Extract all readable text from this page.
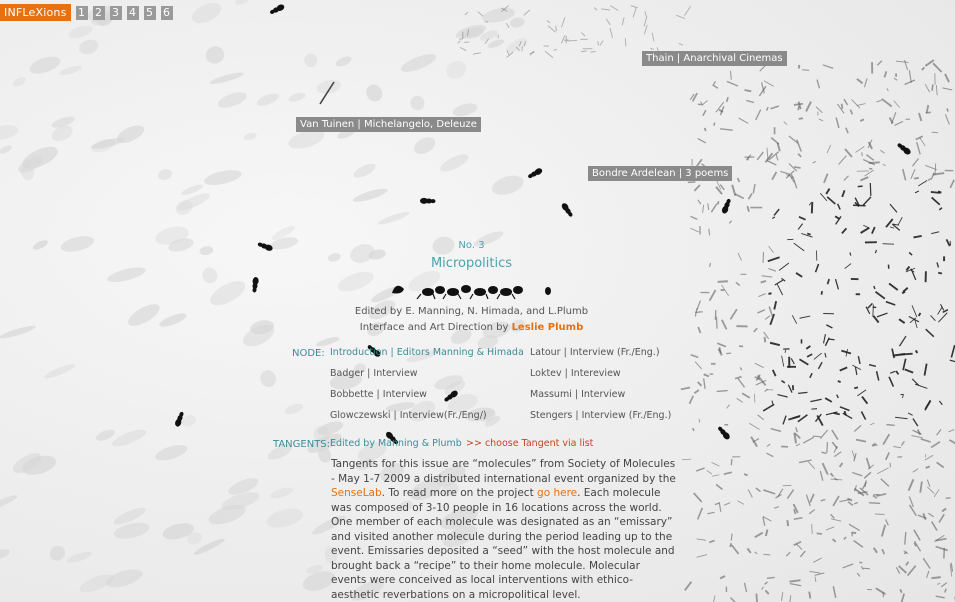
INFLeXions	1 2 3 4 5 6
Thain | Anarchival Cinemas
Van Tuinen | Michelangelo, Deleuze
Bondre Ardelean | 3 poems
No. 3
Micropolitics
Edited by E. Manning, N. Himada, and L.Plumb
Interface and Art Direction by Leslie Plumb
NODE: Introduction | Editors Manning & Himada
Badger | Interview
Bobbette | Interview
Glowczewski | Interview(Fr./Eng/)
Latour | Interview (Fr./Eng.)
Loktev | Intereview
Massumi | Interview
Stengers | Interview (Fr./Eng.)
TANGENTS: Edited by Manning & Plumb >> choose Tangent via list
Tangents for this issue are “molecules” from Society of Molecules - May 1-7 2009 a distributed international event organized by the SenseLab. To read more on the project go here. Each molecule was composed of 3-10 people in 16 locations across the world. One member of each molecule was designated as an “emissary” and visited another molecule during the period leading up to the event. Emissaries deposited a “seed” with the host molecule and brought back a “recipe” to their home molecule. Molecular events were conceived as local interventions with ethico-aesthetic reverbations on a micropolitical level.
